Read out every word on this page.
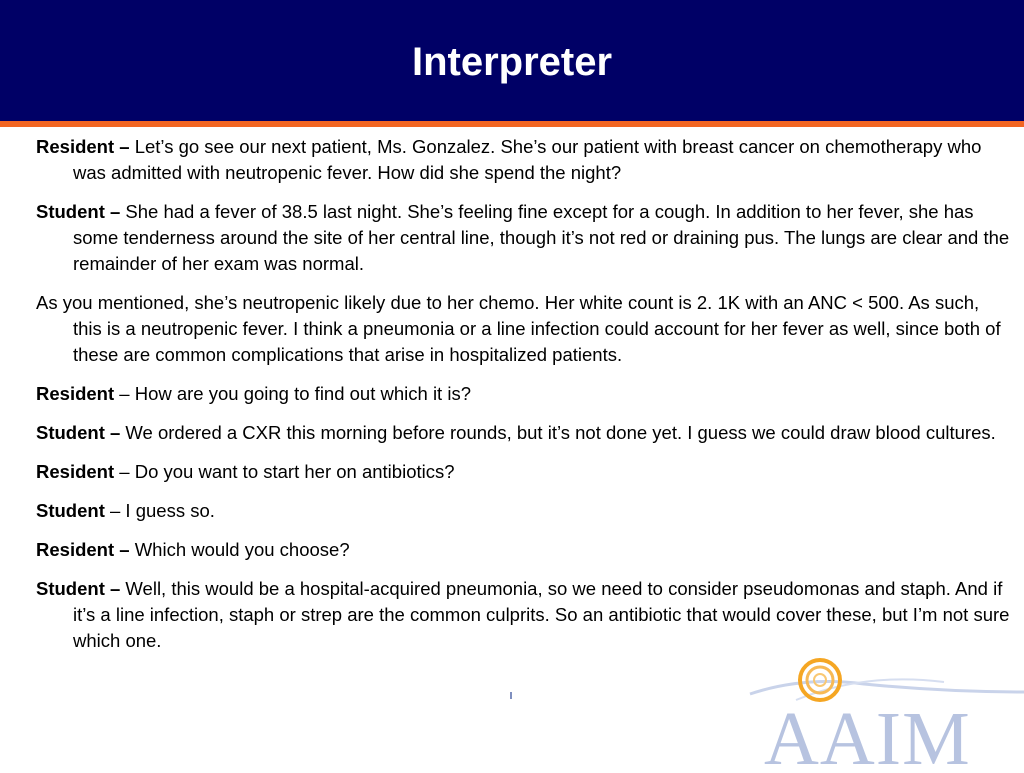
Interpreter
Resident – Let’s go see our next patient, Ms. Gonzalez. She’s our patient with breast cancer on chemotherapy who was admitted with neutropenic fever. How did she spend the night?
Student – She had a fever of 38.5 last night. She’s feeling fine except for a cough. In addition to her fever, she has some tenderness around the site of her central line, though it’s not red or draining pus. The lungs are clear and the remainder of her exam was normal.
As you mentioned, she’s neutropenic likely due to her chemo. Her white count is 2. 1K with an ANC < 500. As such, this is a neutropenic fever. I think a pneumonia or a line infection could account for her fever as well, since both of these are common complications that arise in hospitalized patients.
Resident – How are you going to find out which it is?
Student – We ordered a CXR this morning before rounds, but it’s not done yet. I guess we could draw blood cultures.
Resident – Do you want to start her on antibiotics?
Student – I guess so.
Resident – Which would you choose?
Student – Well, this would be a hospital-acquired pneumonia, so we need to consider pseudomonas and staph. And if it’s a line infection, staph or strep are the common culprits. So an antibiotic that would cover these, but I’m not sure which one.
AAIM
